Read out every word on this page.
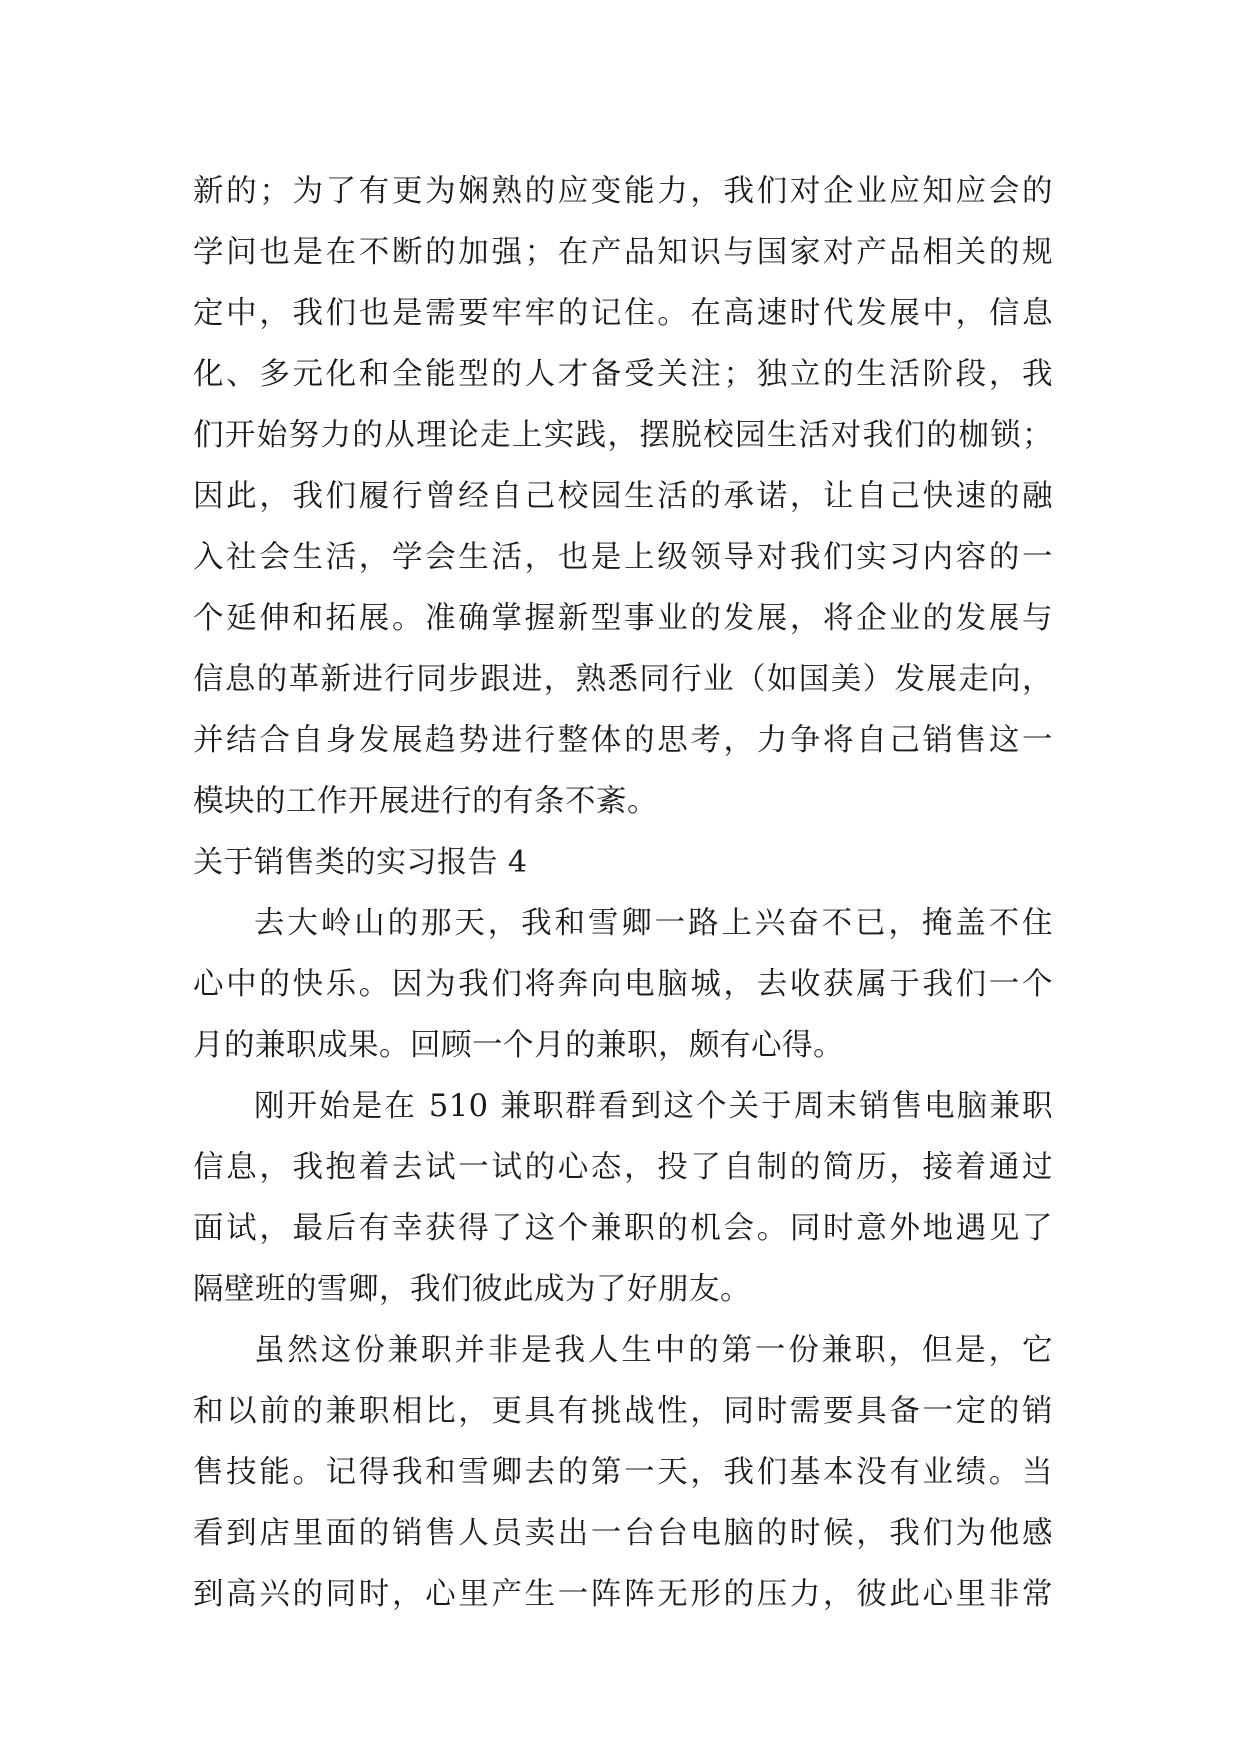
新的；为了有更为娴熟的应变能力，我们对企业应知应会的
学问也是在不断的加强；在产品知识与国家对产品相关的规
定中，我们也是需要牢牢的记住。在高速时代发展中，信息
化、多元化和全能型的人才备受关注；独立的生活阶段，我
们开始努力的从理论走上实践，摆脱校园生活对我们的枷锁；
因此，我们履行曾经自己校园生活的承诺，让自己快速的融
入社会生活，学会生活，也是上级领导对我们实习内容的一
个延伸和拓展。准确掌握新型事业的发展，将企业的发展与
信息的革新进行同步跟进，熟悉同行业（如国美）发展走向，
并结合自身发展趋势进行整体的思考，力争将自己销售这一
模块的工作开展进行的有条不紊。
关于销售类的实习报告 4
去大岭山的那天，我和雪卿一路上兴奋不已，掩盖不住
心中的快乐。因为我们将奔向电脑城，去收获属于我们一个
月的兼职成果。回顾一个月的兼职，颇有心得。
刚开始是在 510 兼职群看到这个关于周末销售电脑兼职
信息，我抱着去试一试的心态，投了自制的简历，接着通过
面试，最后有幸获得了这个兼职的机会。同时意外地遇见了
隔壁班的雪卿，我们彼此成为了好朋友。
虽然这份兼职并非是我人生中的第一份兼职，但是，它
和以前的兼职相比，更具有挑战性，同时需要具备一定的销
售技能。记得我和雪卿去的第一天，我们基本没有业绩。当
看到店里面的销售人员卖出一台台电脑的时候，我们为他感
到高兴的同时，心里产生一阵阵无形的压力，彼此心里非常
